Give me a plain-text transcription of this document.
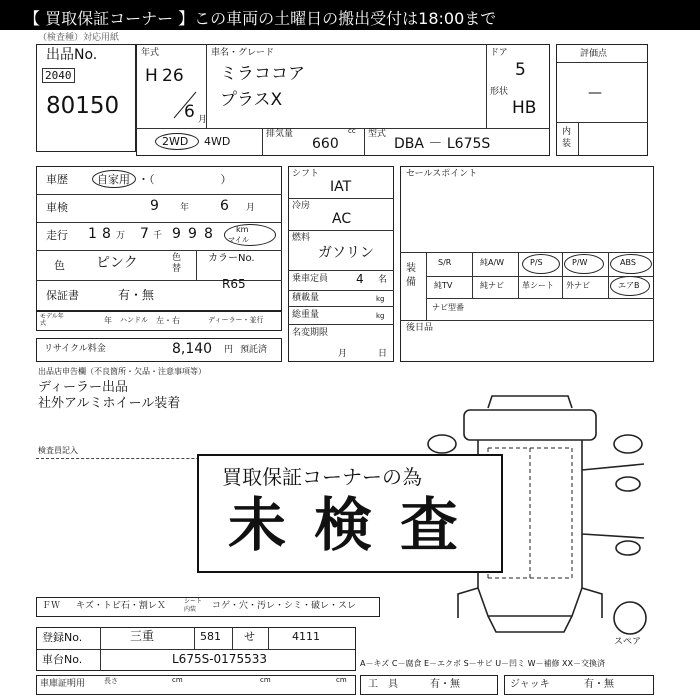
【 買取保証コーナー 】この車両の土曜日の搬出受付は18:00まで
（検査種）対応用紙
出品No.
2040
80150
年式
H 26
6 月
車名・グレード
ミラココア
プラスX
ドア
5
形状
HB
2WD 4WD
排気量
660
cc 型式
DBA － L675S
評価点
—
内装
車歴	自家用 ・（　　　　　　）
車検	9 年 6 月
走行 1 8 万 7 千 9 9 8	km
マイル
色 ピンク	色替
カラーNo.
保証書	有・無
R65
モデル年式	年 ハンドル 左・右	ディーラー・並行
リサイクル料金	8,140 円 預託済
シフト
IAT
冷房
AC
燃料
ガソリン
乗車定員 4 名
積載量	kg
総重量	kg
名変期限
月	日
セールスポイント
装備
S/R	純A/W	P/S	P/W	ABS
純TV	純ナビ 革シート 外ナビ	エアB
ナビ型番
後日品
出品店申告欄（不良箇所・欠品・注意事項等）
ディーラー出品
社外アルミホイール装着
検査員記入
スペア
買取保証コーナーの為
未検査
ＦＷ キズ・トビ石・割レＸ	シート内装	コゲ・穴・汚レ・シミ・破レ・スレ
登録No.	三重	581 せ	4111
車台No.	L675S-0175533
車庫証明用	長さ	cm	cm	cm
A－キズ C－腐食 E－エクボ S－サビ U－凹ミ W－補修 XX－交換済
工　具	有・無	ジャッキ	有・無
